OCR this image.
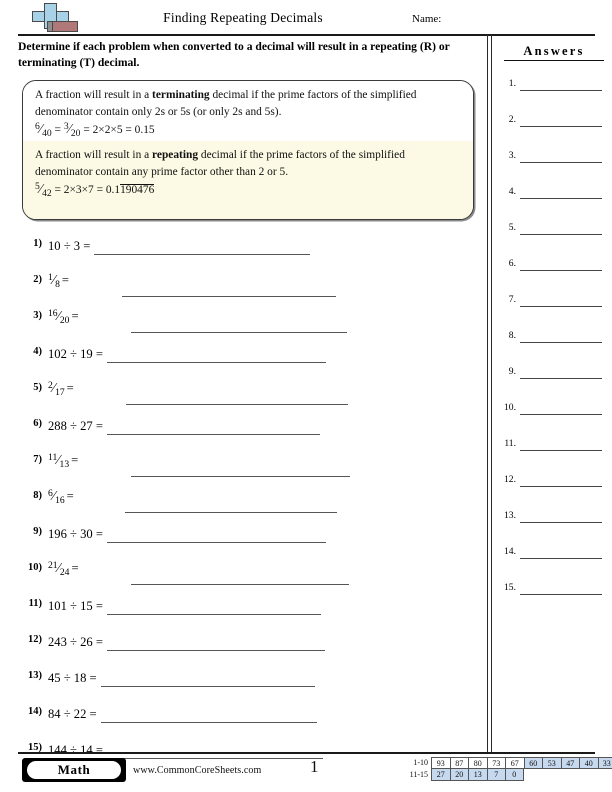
Finding Repeating Decimals	Name:
Determine if each problem when converted to a decimal will result in a repeating (R) or terminating (T) decimal.
A fraction will result in a terminating decimal if the prime factors of the simplified denominator contain only 2s or 5s (or only 2s and 5s).
$^6⁄_{40}$ = $^3⁄_{20} = 2\times 2\times 5 = 0.15$
A fraction will result in a repeating decimal if the prime factors of the simplified denominator contain any prime factor other than 2 or 5.
$^5⁄_{42} = 2\times 3\times 7 = 0.1190476$
1) 10 ÷ 3 =
2) $^1⁄_8$ =
3) $^{16}⁄_{20}$ =
4) 102 ÷ 19 =
5) $^2⁄_{17}$ =
6) 288 ÷ 27 =
7) $^{11}⁄_{13}$ =
8) $^6⁄_{16}$ =
9) 196 ÷ 30 =
10) $^{21}⁄_{24}$ =
11) 101 ÷ 15 =
12) 243 ÷ 26 =
13) 45 ÷ 18 =
14) 84 ÷ 22 =
15) 144 ÷ 14 =
Answers
1.
2.
3.
4.
5.
6.
7.
8.
9.
10.
11.
12.
13.
14.
15.
Math	www.CommonCoreSheets.com	1	1-10	93	87	80	73	67	60	53	47	40	33
11-15	27	20	13	7	0
